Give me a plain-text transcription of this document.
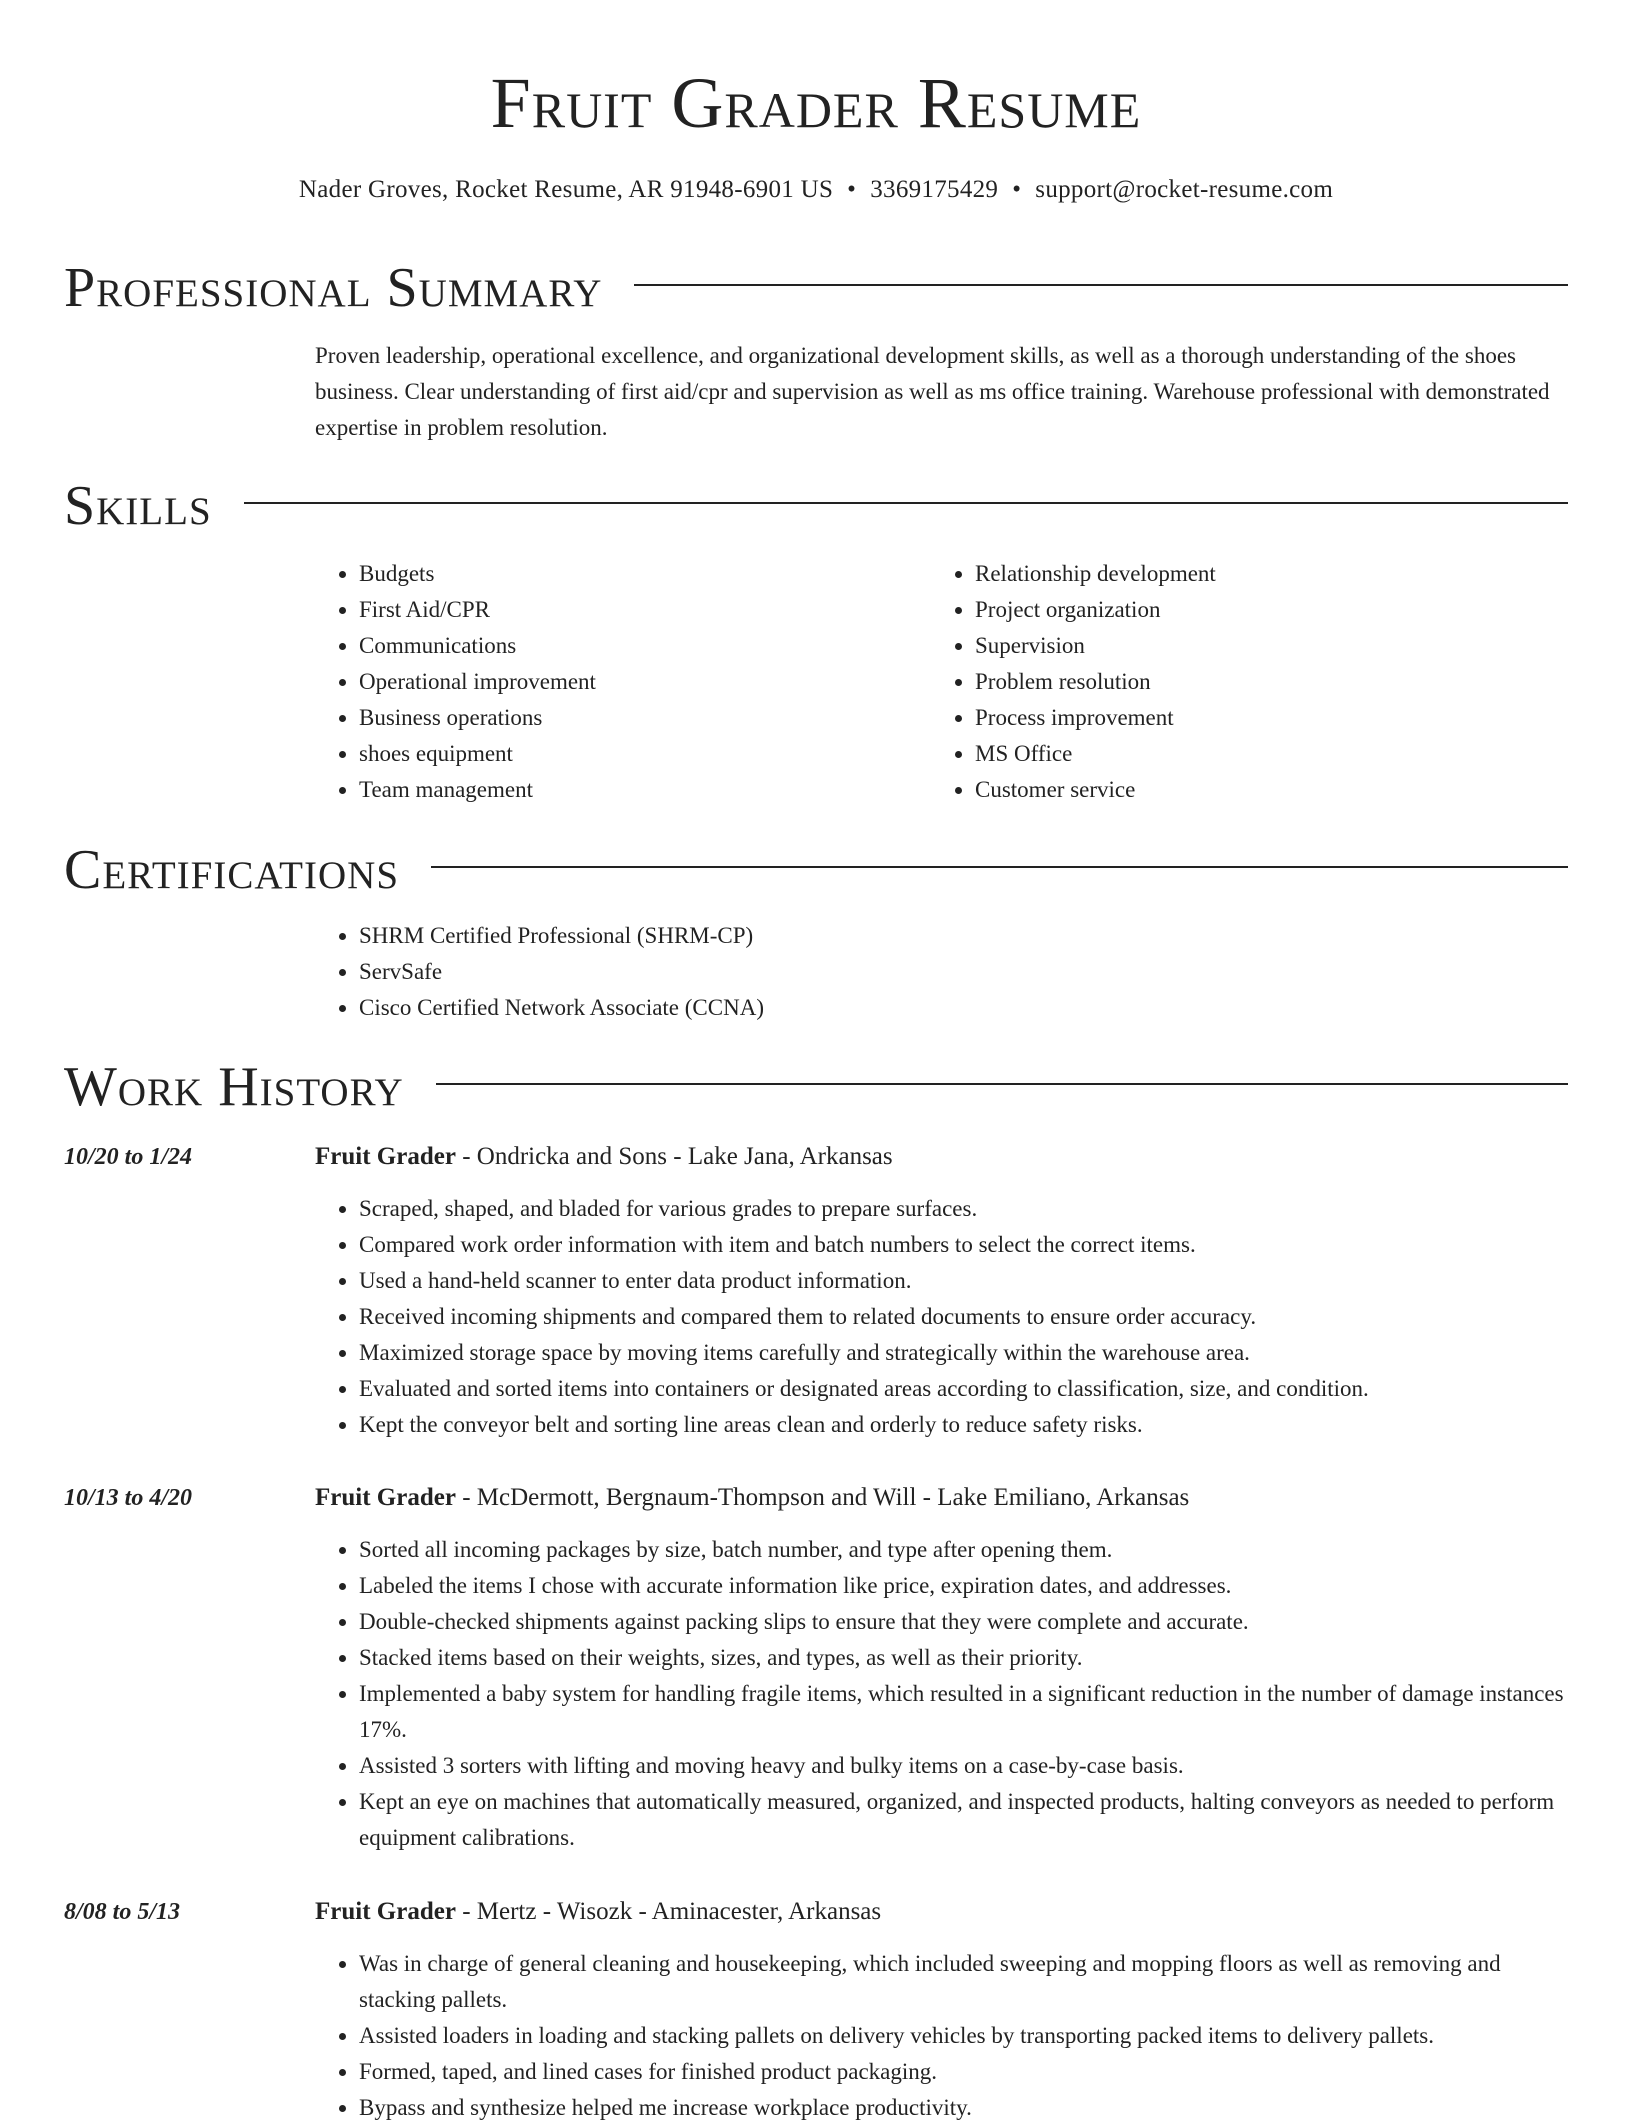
Fruit Grader Resume
Nader Groves, Rocket Resume, AR 91948-6901 US • 3369175429 • support@rocket-resume.com
Professional Summary
Proven leadership, operational excellence, and organizational development skills, as well as a thorough understanding of the shoes business. Clear understanding of first aid/cpr and supervision as well as ms office training. Warehouse professional with demonstrated expertise in problem resolution.
Skills
• Budgets
• First Aid/CPR
• Communications
• Operational improvement
• Business operations
• shoes equipment
• Team management
• Relationship development
• Project organization
• Supervision
• Problem resolution
• Process improvement
• MS Office
• Customer service
Certifications
• SHRM Certified Professional (SHRM-CP)
• ServSafe
• Cisco Certified Network Associate (CCNA)
Work History
10/20 to 1/24	Fruit Grader - Ondricka and Sons - Lake Jana, Arkansas
• Scraped, shaped, and bladed for various grades to prepare surfaces.
• Compared work order information with item and batch numbers to select the correct items.
• Used a hand-held scanner to enter data product information.
• Received incoming shipments and compared them to related documents to ensure order accuracy.
• Maximized storage space by moving items carefully and strategically within the warehouse area.
• Evaluated and sorted items into containers or designated areas according to classification, size, and condition.
• Kept the conveyor belt and sorting line areas clean and orderly to reduce safety risks.
10/13 to 4/20	Fruit Grader - McDermott, Bergnaum-Thompson and Will - Lake Emiliano, Arkansas
• Sorted all incoming packages by size, batch number, and type after opening them.
• Labeled the items I chose with accurate information like price, expiration dates, and addresses.
• Double-checked shipments against packing slips to ensure that they were complete and accurate.
• Stacked items based on their weights, sizes, and types, as well as their priority.
• Implemented a baby system for handling fragile items, which resulted in a significant reduction in the number of damage instances 17%.
• Assisted 3 sorters with lifting and moving heavy and bulky items on a case-by-case basis.
• Kept an eye on machines that automatically measured, organized, and inspected products, halting conveyors as needed to perform equipment calibrations.
8/08 to 5/13	Fruit Grader - Mertz - Wisozk - Aminacester, Arkansas
• Was in charge of general cleaning and housekeeping, which included sweeping and mopping floors as well as removing and stacking pallets.
• Assisted loaders in loading and stacking pallets on delivery vehicles by transporting packed items to delivery pallets.
• Formed, taped, and lined cases for finished product packaging.
• Bypass and synthesize helped me increase workplace productivity.
